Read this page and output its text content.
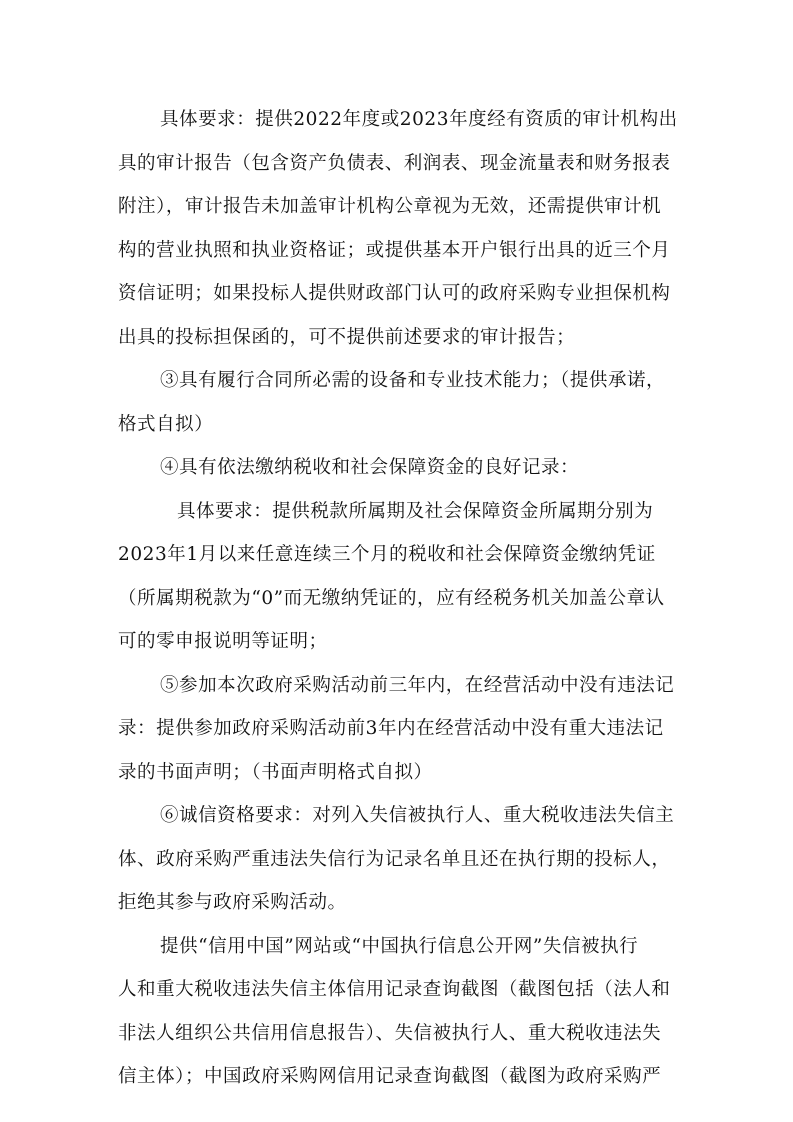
具体要求：提供2022年度或2023年度经有资质的审计机构出

具的审计报告（包含资产负债表、利润表、现金流量表和财务报表

附注），审计报告未加盖审计机构公章视为无效，还需提供审计机

构的营业执照和执业资格证；或提供基本开户银行出具的近三个月

资信证明；如果投标人提供财政部门认可的政府采购专业担保机构

出具的投标担保函的，可不提供前述要求的审计报告；

③具有履行合同所必需的设备和专业技术能力；（提供承诺，

格式自拟）

④具有依法缴纳税收和社会保障资金的良好记录：

具体要求：提供税款所属期及社会保障资金所属期分别为

2023年1月以来任意连续三个月的税收和社会保障资金缴纳凭证

（所属期税款为“0”而无缴纳凭证的，应有经税务机关加盖公章认

可的零申报说明等证明；

⑤参加本次政府采购活动前三年内，在经营活动中没有违法记

录：提供参加政府采购活动前3年内在经营活动中没有重大违法记

录的书面声明；（书面声明格式自拟）

⑥诚信资格要求：对列入失信被执行人、重大税收违法失信主

体、政府采购严重违法失信行为记录名单且还在执行期的投标人，

拒绝其参与政府采购活动。

提供“信用中国”网站或“中国执行信息公开网”失信被执行

人和重大税收违法失信主体信用记录查询截图（截图包括（法人和

非法人组织公共信用信息报告）、失信被执行人、重大税收违法失

信主体）；中国政府采购网信用记录查询截图（截图为政府采购严
